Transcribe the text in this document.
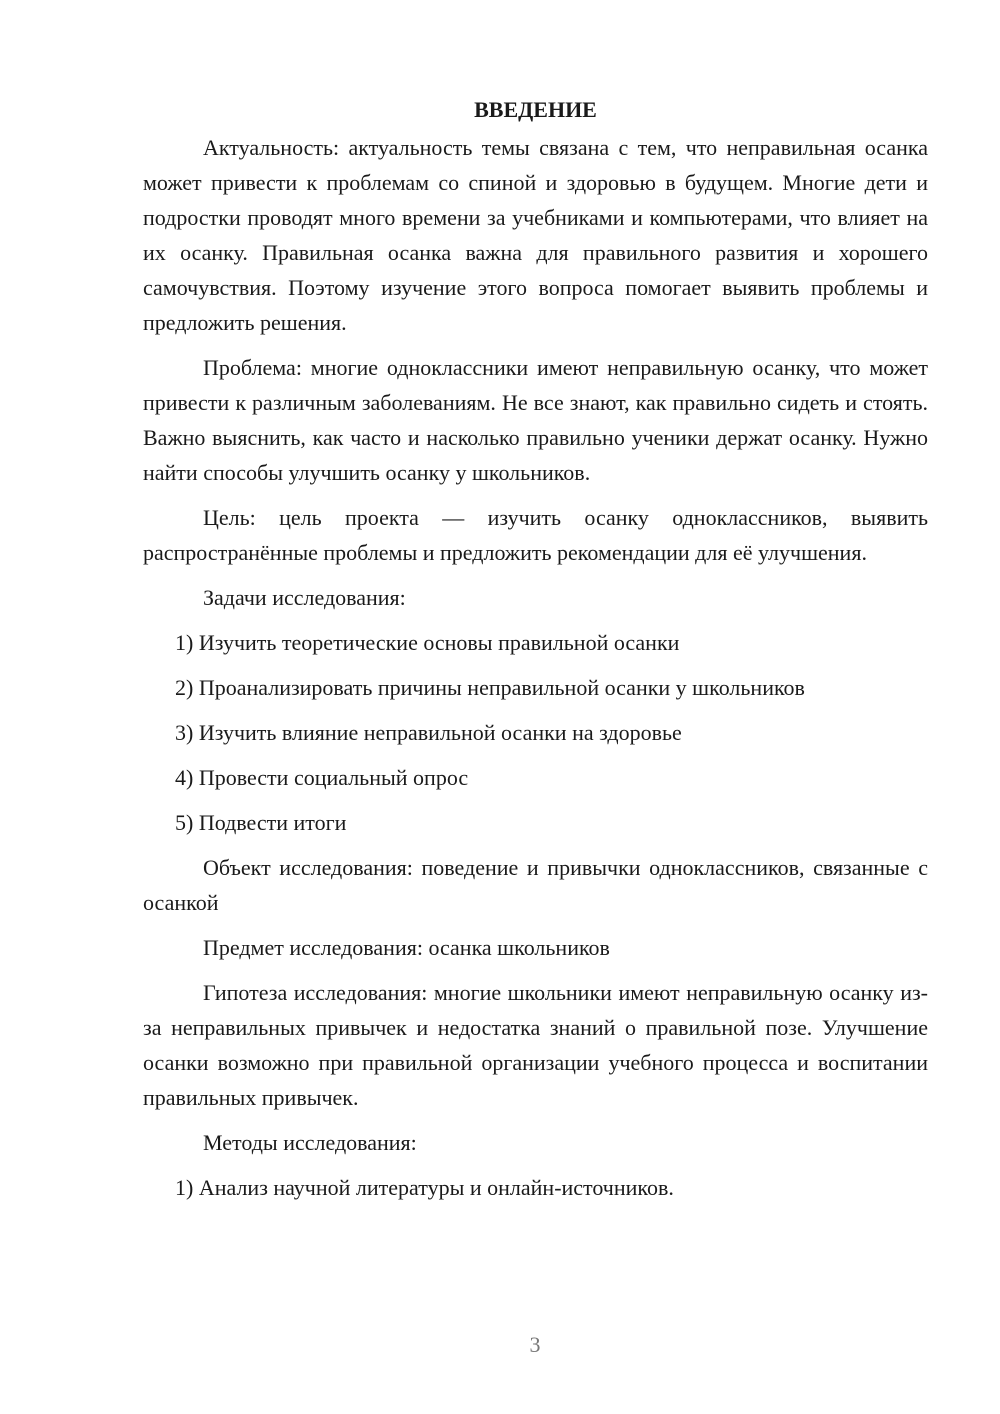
ВВЕДЕНИЕ

Актуальность: актуальность темы связана с тем, что неправильная осанка может привести к проблемам со спиной и здоровью в будущем. Многие дети и подростки проводят много времени за учебниками и компьютерами, что влияет на их осанку. Правильная осанка важна для правильного развития и хорошего самочувствия. Поэтому изучение этого вопроса помогает выявить проблемы и предложить решения.

Проблема: многие одноклассники имеют неправильную осанку, что может привести к различным заболеваниям. Не все знают, как правильно сидеть и стоять. Важно выяснить, как часто и насколько правильно ученики держат осанку. Нужно найти способы улучшить осанку у школьников.

Цель: цель проекта — изучить осанку одноклассников, выявить распространённые проблемы и предложить рекомендации для её улучшения.

Задачи исследования:

1) Изучить теоретические основы правильной осанки

2) Проанализировать причины неправильной осанки у школьников

3) Изучить влияние неправильной осанки на здоровье

4) Провести социальный опрос

5) Подвести итоги

Объект исследования: поведение и привычки одноклассников, связанные с осанкой

Предмет исследования: осанка школьников

Гипотеза исследования: многие школьники имеют неправильную осанку из-за неправильных привычек и недостатка знаний о правильной позе. Улучшение осанки возможно при правильной организации учебного процесса и воспитании правильных привычек.

Методы исследования:

1) Анализ научной литературы и онлайн-источников.

3
